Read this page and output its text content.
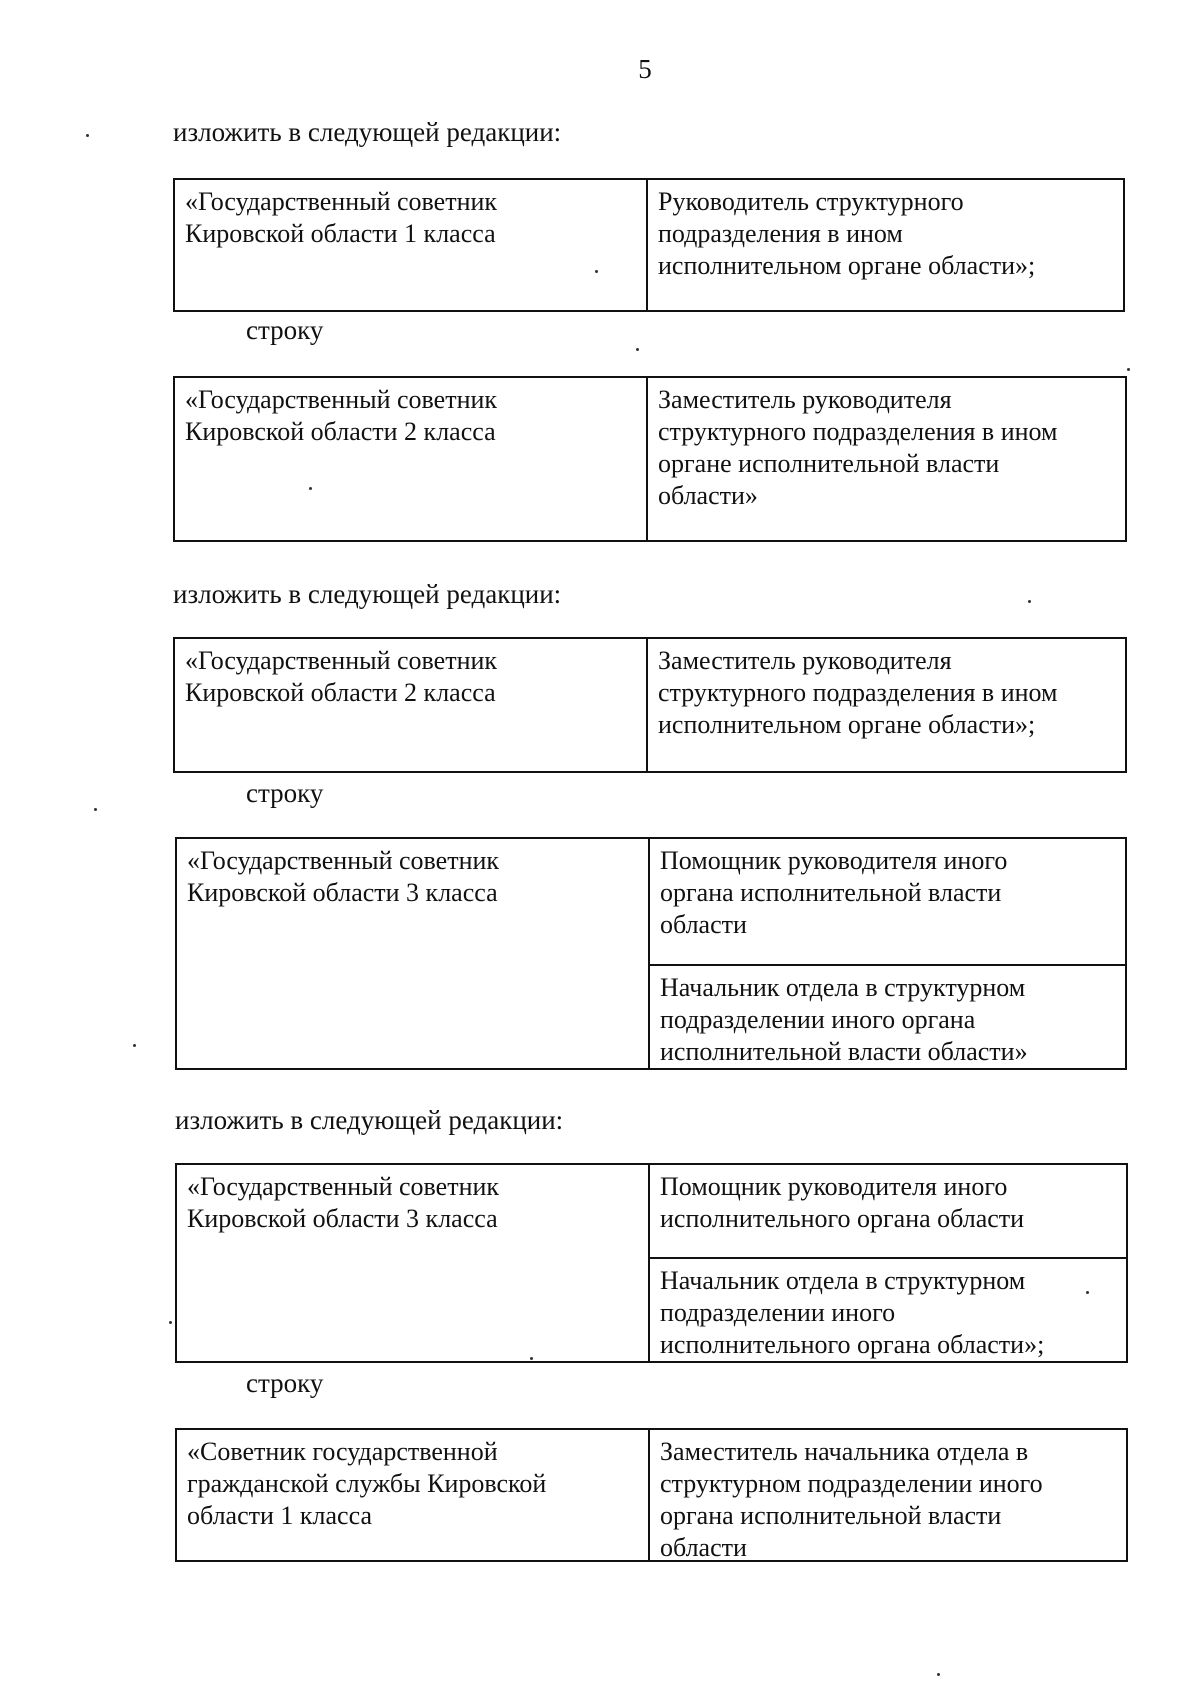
5
изложить в следующей редакции:
«Государственный советник
Кировской области 1 класса
Руководитель структурного
подразделения в ином
исполнительном органе области»;
строку
«Государственный советник
Кировской области 2 класса
Заместитель руководителя
структурного подразделения в ином
органе исполнительной власти
области»
изложить в следующей редакции:
«Государственный советник
Кировской области 2 класса
Заместитель руководителя
структурного подразделения в ином
исполнительном органе области»;
строку
«Государственный советник
Кировской области 3 класса
Помощник руководителя иного
органа исполнительной власти
области
Начальник отдела в структурном
подразделении иного органа
исполнительной власти области»
изложить в следующей редакции:
«Государственный советник
Кировской области 3 класса
Помощник руководителя иного
исполнительного органа области
Начальник отдела в структурном
подразделении иного
исполнительного органа области»;
строку
«Советник государственной
гражданской службы Кировской
области 1 класса
Заместитель начальника отдела в
структурном подразделении иного
органа исполнительной власти
области
